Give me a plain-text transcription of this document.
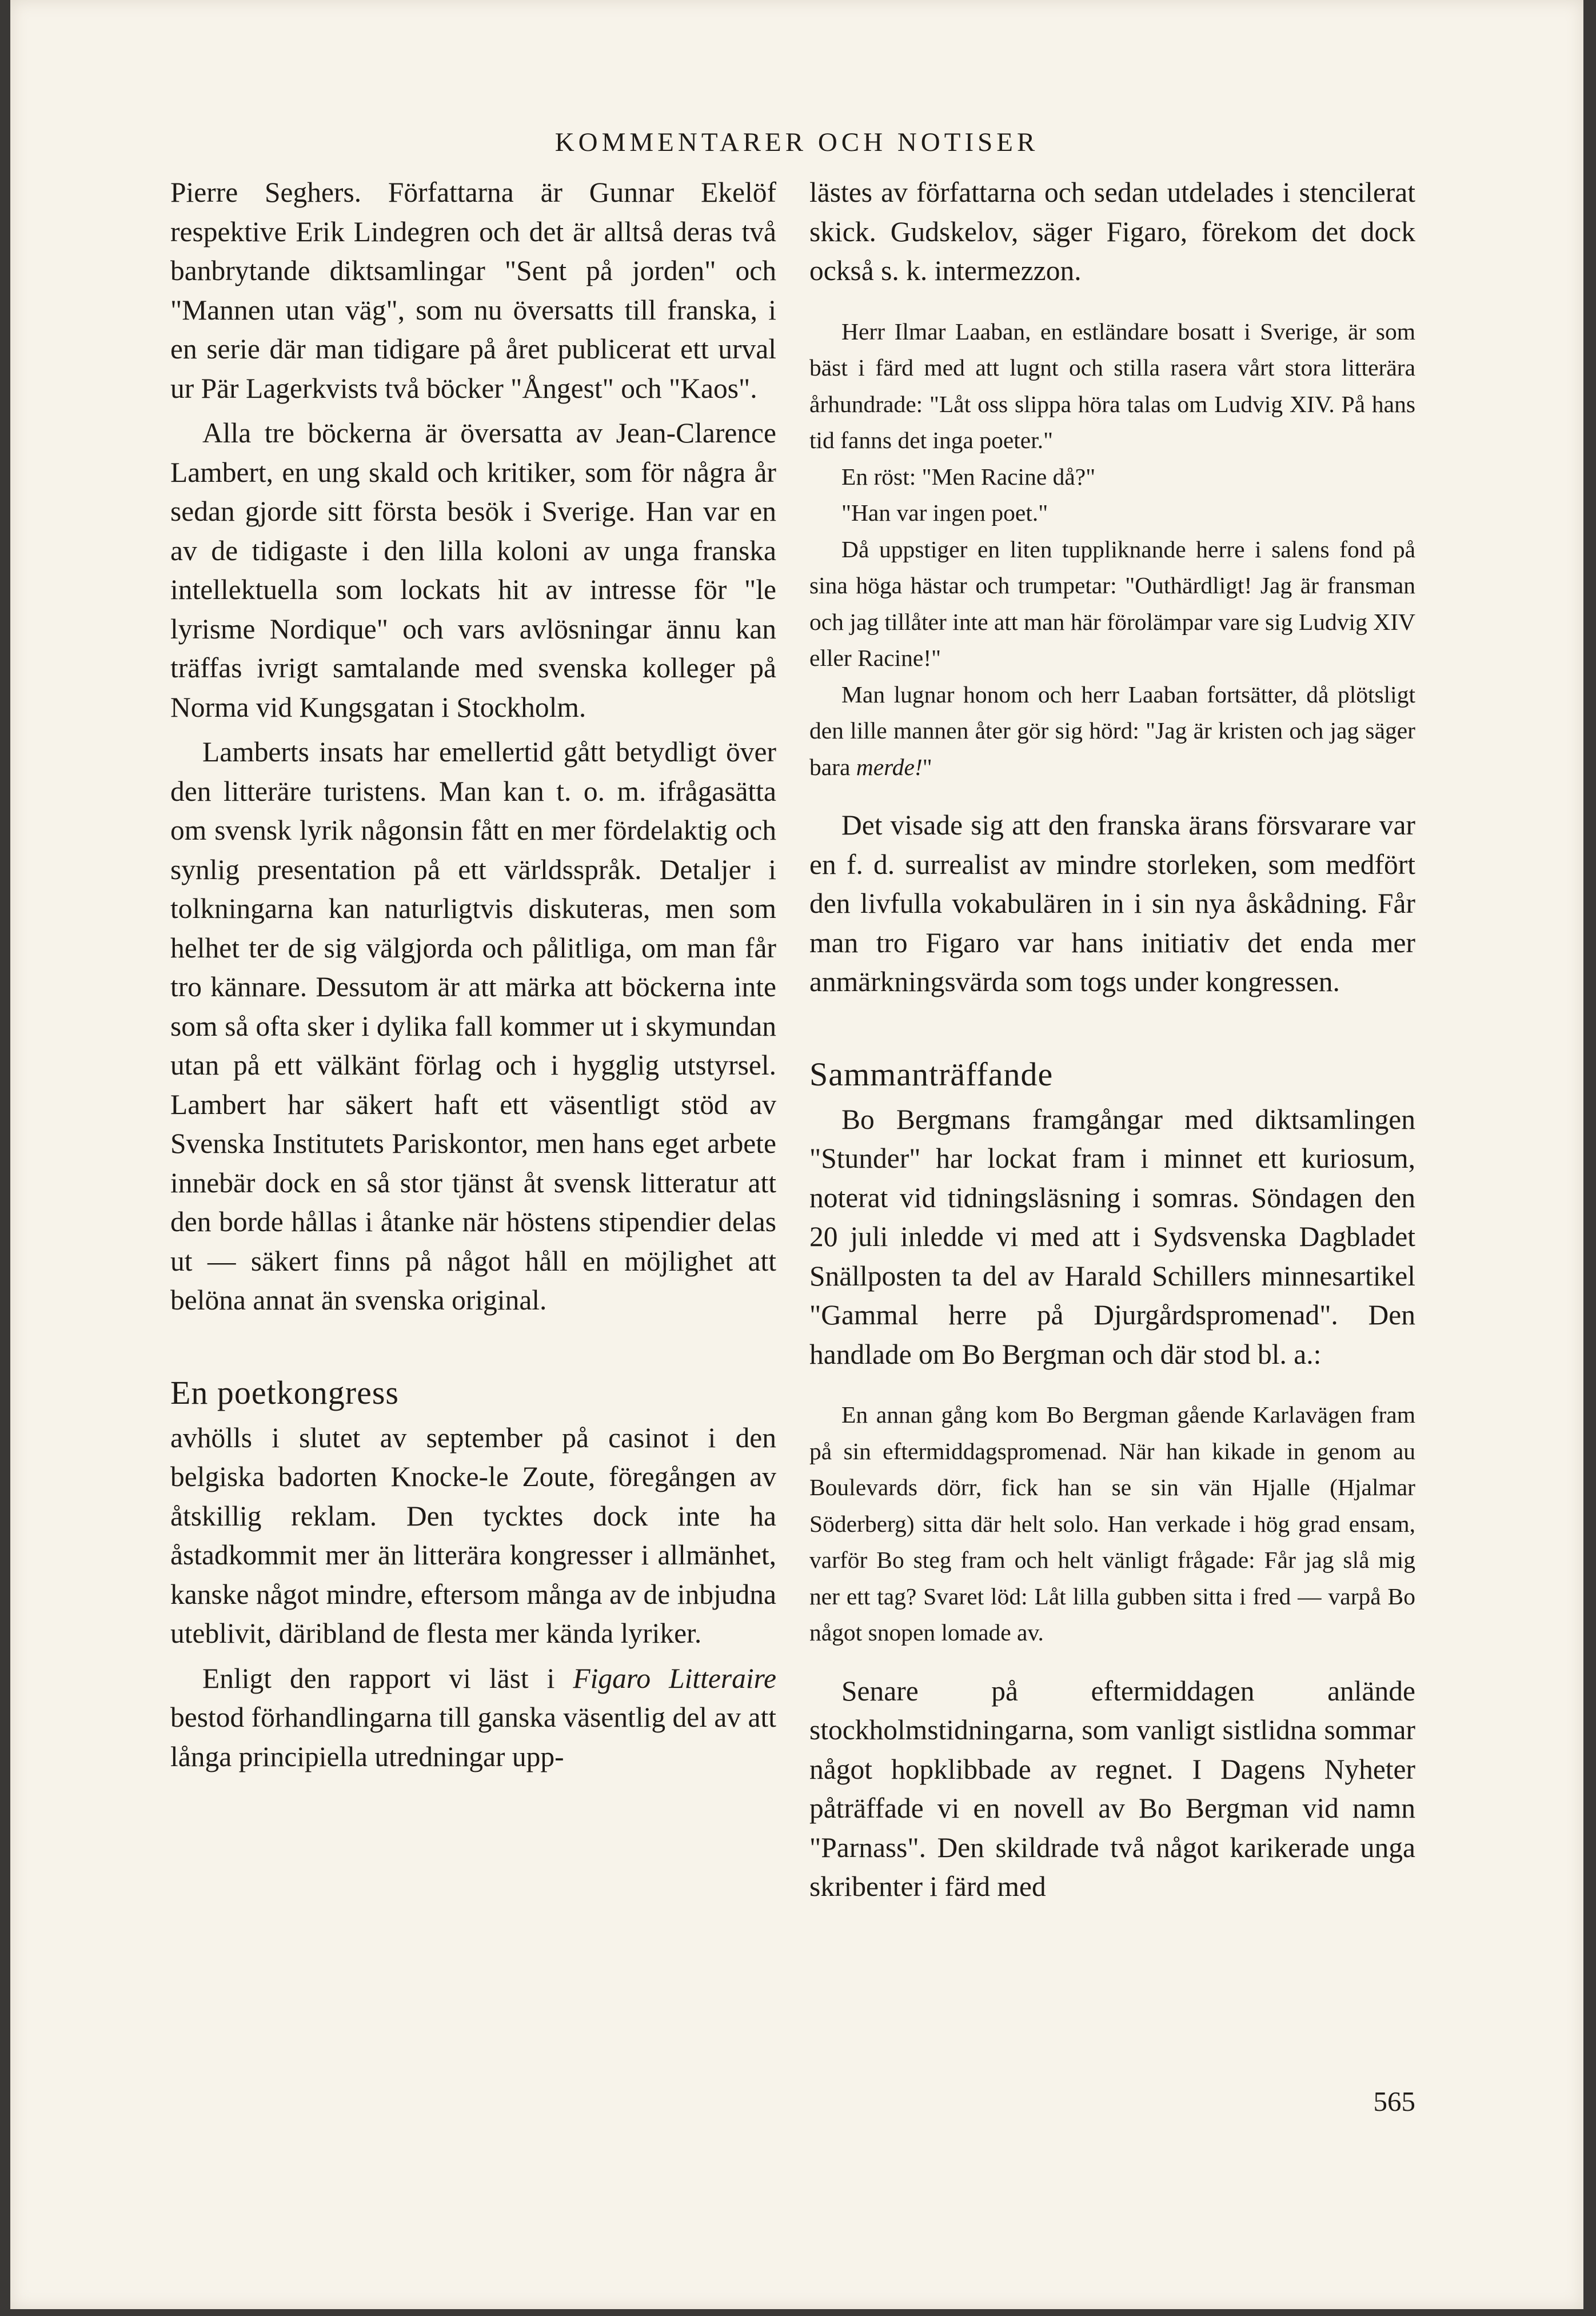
KOMMENTARER OCH NOTISER

Pierre Seghers. Författarna är Gunnar Ekelöf respektive Erik Lindegren och det är alltså deras två banbrytande diktsamlingar "Sent på jorden" och "Mannen utan väg", som nu översatts till franska, i en serie där man tidigare på året publicerat ett urval ur Pär Lagerkvists två böcker "Ångest" och "Kaos".

Alla tre böckerna är översatta av Jean-Clarence Lambert, en ung skald och kritiker, som för några år sedan gjorde sitt första besök i Sverige. Han var en av de tidigaste i den lilla koloni av unga franska intellektuella som lockats hit av intresse för "le lyrisme Nordique" och vars avlösningar ännu kan träffas ivrigt samtalande med svenska kolleger på Norma vid Kungsgatan i Stockholm.

Lamberts insats har emellertid gått betydligt över den litteräre turistens. Man kan t. o. m. ifrågasätta om svensk lyrik någonsin fått en mer fördelaktig och synlig presentation på ett världsspråk. Detaljer i tolkningarna kan naturligtvis diskuteras, men som helhet ter de sig välgjorda och pålitliga, om man får tro kännare. Dessutom är att märka att böckerna inte som så ofta sker i dylika fall kommer ut i skymundan utan på ett välkänt förlag och i hygglig utstyrsel. Lambert har säkert haft ett väsentligt stöd av Svenska Institutets Pariskontor, men hans eget arbete innebär dock en så stor tjänst åt svensk litteratur att den borde hållas i åtanke när höstens stipendier delas ut — säkert finns på något håll en möjlighet att belöna annat än svenska original.

En poetkongress

avhölls i slutet av september på casinot i den belgiska badorten Knocke-le Zoute, föregången av åtskillig reklam. Den tycktes dock inte ha åstadkommit mer än litterära kongresser i allmänhet, kanske något mindre, eftersom många av de inbjudna uteblivit, däribland de flesta mer kända lyriker.

Enligt den rapport vi läst i Figaro Litteraire bestod förhandlingarna till ganska väsentlig del av att långa principiella utredningar upp-

lästes av författarna och sedan utdelades i stencilerat skick. Gudskelov, säger Figaro, förekom det dock också s. k. intermezzon.

Herr Ilmar Laaban, en estländare bosatt i Sverige, är som bäst i färd med att lugnt och stilla rasera vårt stora litterära århundrade: "Låt oss slippa höra talas om Ludvig XIV. På hans tid fanns det inga poeter."

En röst: "Men Racine då?"

"Han var ingen poet."

Då uppstiger en liten tuppliknande herre i salens fond på sina höga hästar och trumpetar: "Outhärdligt! Jag är fransman och jag tillåter inte att man här förolämpar vare sig Ludvig XIV eller Racine!"

Man lugnar honom och herr Laaban fortsätter, då plötsligt den lille mannen åter gör sig hörd: "Jag är kristen och jag säger bara merde!"

Det visade sig att den franska ärans försvarare var en f. d. surrealist av mindre storleken, som medfört den livfulla vokabulären in i sin nya åskådning. Får man tro Figaro var hans initiativ det enda mer anmärkningsvärda som togs under kongressen.

Sammanträffande

Bo Bergmans framgångar med diktsamlingen "Stunder" har lockat fram i minnet ett kuriosum, noterat vid tidningsläsning i somras. Söndagen den 20 juli inledde vi med att i Sydsvenska Dagbladet Snällposten ta del av Harald Schillers minnesartikel "Gammal herre på Djurgårdspromenad". Den handlade om Bo Bergman och där stod bl. a.:

En annan gång kom Bo Bergman gående Karlavägen fram på sin eftermiddagspromenad. När han kikade in genom au Boulevards dörr, fick han se sin vän Hjalle (Hjalmar Söderberg) sitta där helt solo. Han verkade i hög grad ensam, varför Bo steg fram och helt vänligt frågade: Får jag slå mig ner ett tag? Svaret löd: Låt lilla gubben sitta i fred — varpå Bo något snopen lomade av.

Senare på eftermiddagen anlände stockholmstidningarna, som vanligt sistlidna sommar något hopklibbade av regnet. I Dagens Nyheter påträffade vi en novell av Bo Bergman vid namn "Parnass". Den skildrade två något karikerade unga skribenter i färd med

565
